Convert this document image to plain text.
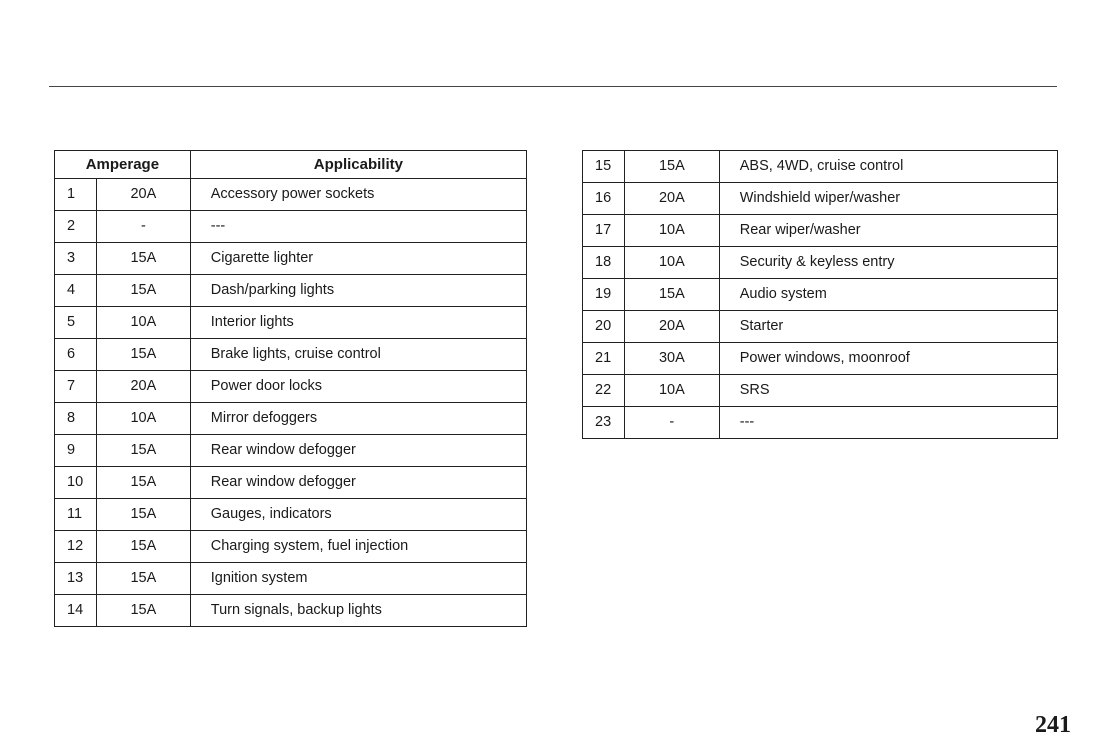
Amperage		Applicability
1	20A	Accessory power sockets
2	-	---
3	15A	Cigarette lighter
4	15A	Dash/parking lights
5	10A	Interior lights
6	15A	Brake lights, cruise control
7	20A	Power door locks
8	10A	Mirror defoggers
9	15A	Rear window defogger
10	15A	Rear window defogger
11	15A	Gauges, indicators
12	15A	Charging system, fuel injection
13	15A	Ignition system
14	15A	Turn signals, backup lights
15	15A	ABS, 4WD, cruise control
16	20A	Windshield wiper/washer
17	10A	Rear wiper/washer
18	10A	Security & keyless entry
19	15A	Audio system
20	20A	Starter
21	30A	Power windows, moonroof
22	10A	SRS
23	-	---
241
